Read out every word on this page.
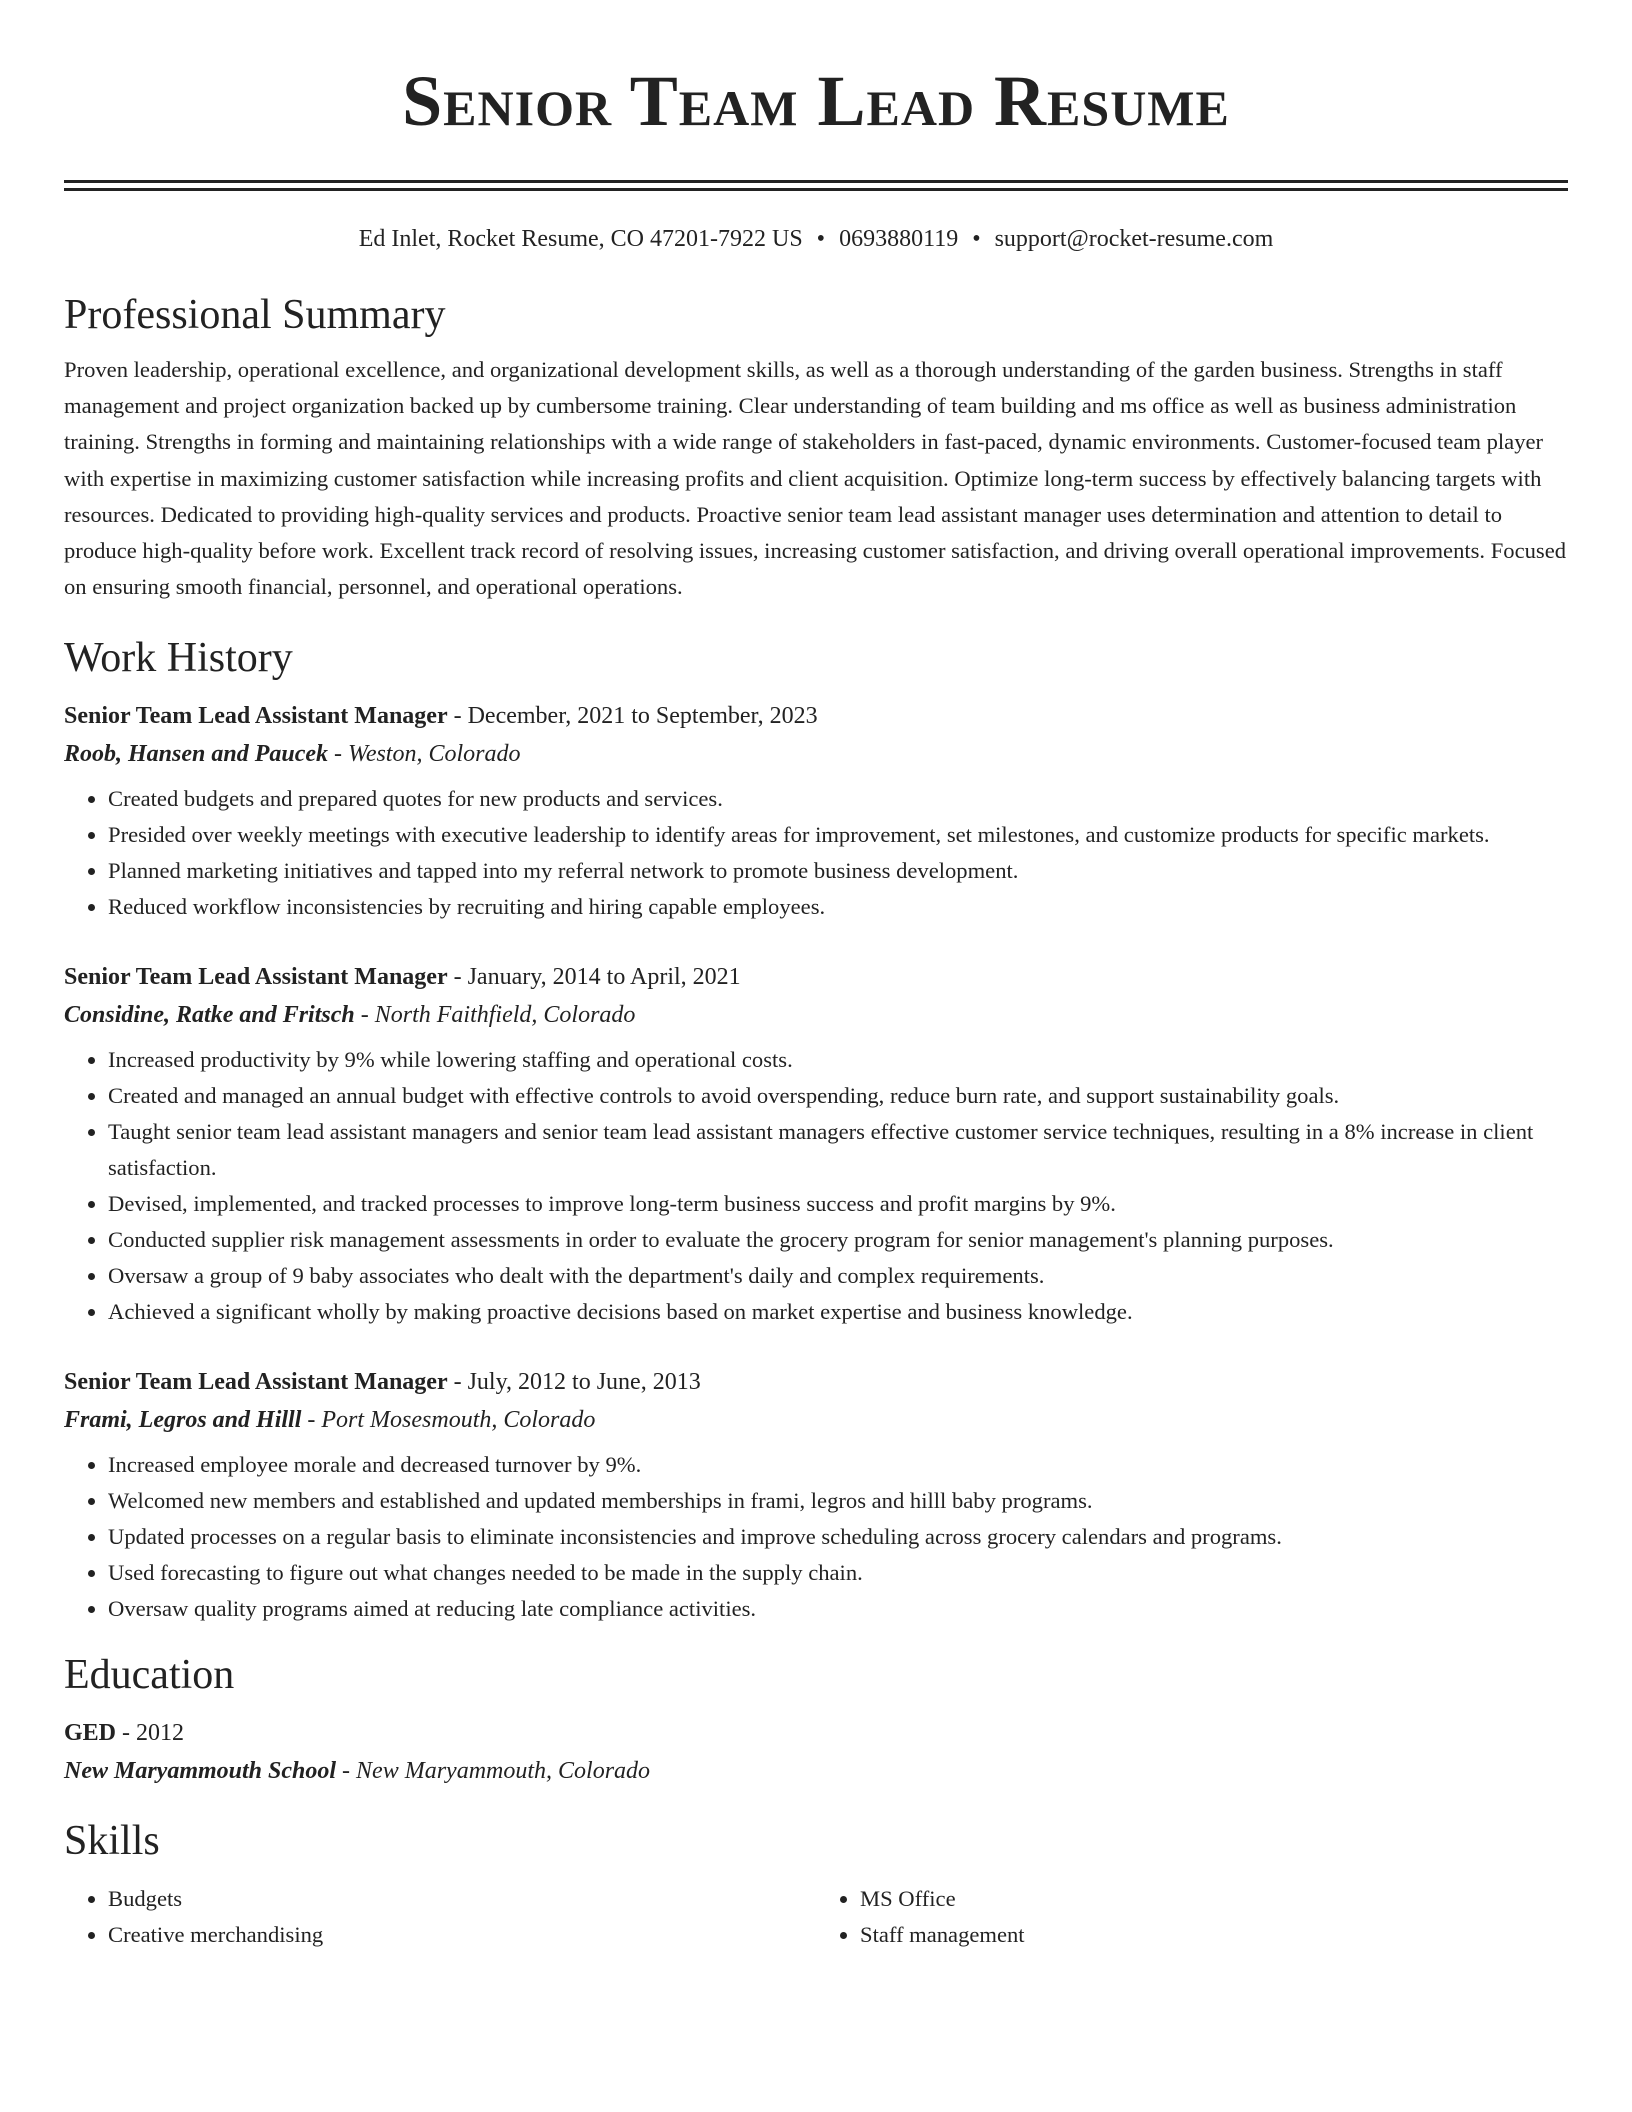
Senior Team Lead Resume
Ed Inlet, Rocket Resume, CO 47201-7922 US • 0693880119 • support@rocket-resume.com
Professional Summary

Proven leadership, operational excellence, and organizational development skills, as well as a thorough understanding of the garden business. Strengths in staff management and project organization backed up by cumbersome training. Clear understanding of team building and ms office as well as business administration training. Strengths in forming and maintaining relationships with a wide range of stakeholders in fast-paced, dynamic environments. Customer-focused team player with expertise in maximizing customer satisfaction while increasing profits and client acquisition. Optimize long-term success by effectively balancing targets with resources. Dedicated to providing high-quality services and products. Proactive senior team lead assistant manager uses determination and attention to detail to produce high-quality before work. Excellent track record of resolving issues, increasing customer satisfaction, and driving overall operational improvements. Focused on ensuring smooth financial, personnel, and operational operations.

Work History

Senior Team Lead Assistant Manager - December, 2021 to September, 2023

Roob, Hansen and Paucek - Weston, Colorado

• Created budgets and prepared quotes for new products and services.
• Presided over weekly meetings with executive leadership to identify areas for improvement, set milestones, and customize products for specific markets.
• Planned marketing initiatives and tapped into my referral network to promote business development.
• Reduced workflow inconsistencies by recruiting and hiring capable employees.

Senior Team Lead Assistant Manager - January, 2014 to April, 2021

Considine, Ratke and Fritsch - North Faithfield, Colorado

• Increased productivity by 9% while lowering staffing and operational costs.
• Created and managed an annual budget with effective controls to avoid overspending, reduce burn rate, and support sustainability goals.
• Taught senior team lead assistant managers and senior team lead assistant managers effective customer service techniques, resulting in a 8% increase in client satisfaction.
• Devised, implemented, and tracked processes to improve long-term business success and profit margins by 9%.
• Conducted supplier risk management assessments in order to evaluate the grocery program for senior management's planning purposes.
• Oversaw a group of 9 baby associates who dealt with the department's daily and complex requirements.
• Achieved a significant wholly by making proactive decisions based on market expertise and business knowledge.

Senior Team Lead Assistant Manager - July, 2012 to June, 2013

Frami, Legros and Hilll - Port Mosesmouth, Colorado

• Increased employee morale and decreased turnover by 9%.
• Welcomed new members and established and updated memberships in frami, legros and hilll baby programs.
• Updated processes on a regular basis to eliminate inconsistencies and improve scheduling across grocery calendars and programs.
• Used forecasting to figure out what changes needed to be made in the supply chain.
• Oversaw quality programs aimed at reducing late compliance activities.
Education

GED - 2012

New Maryammouth School - New Maryammouth, Colorado

Skills
• Budgets
• Creative merchandising
• MS Office
• Staff management
